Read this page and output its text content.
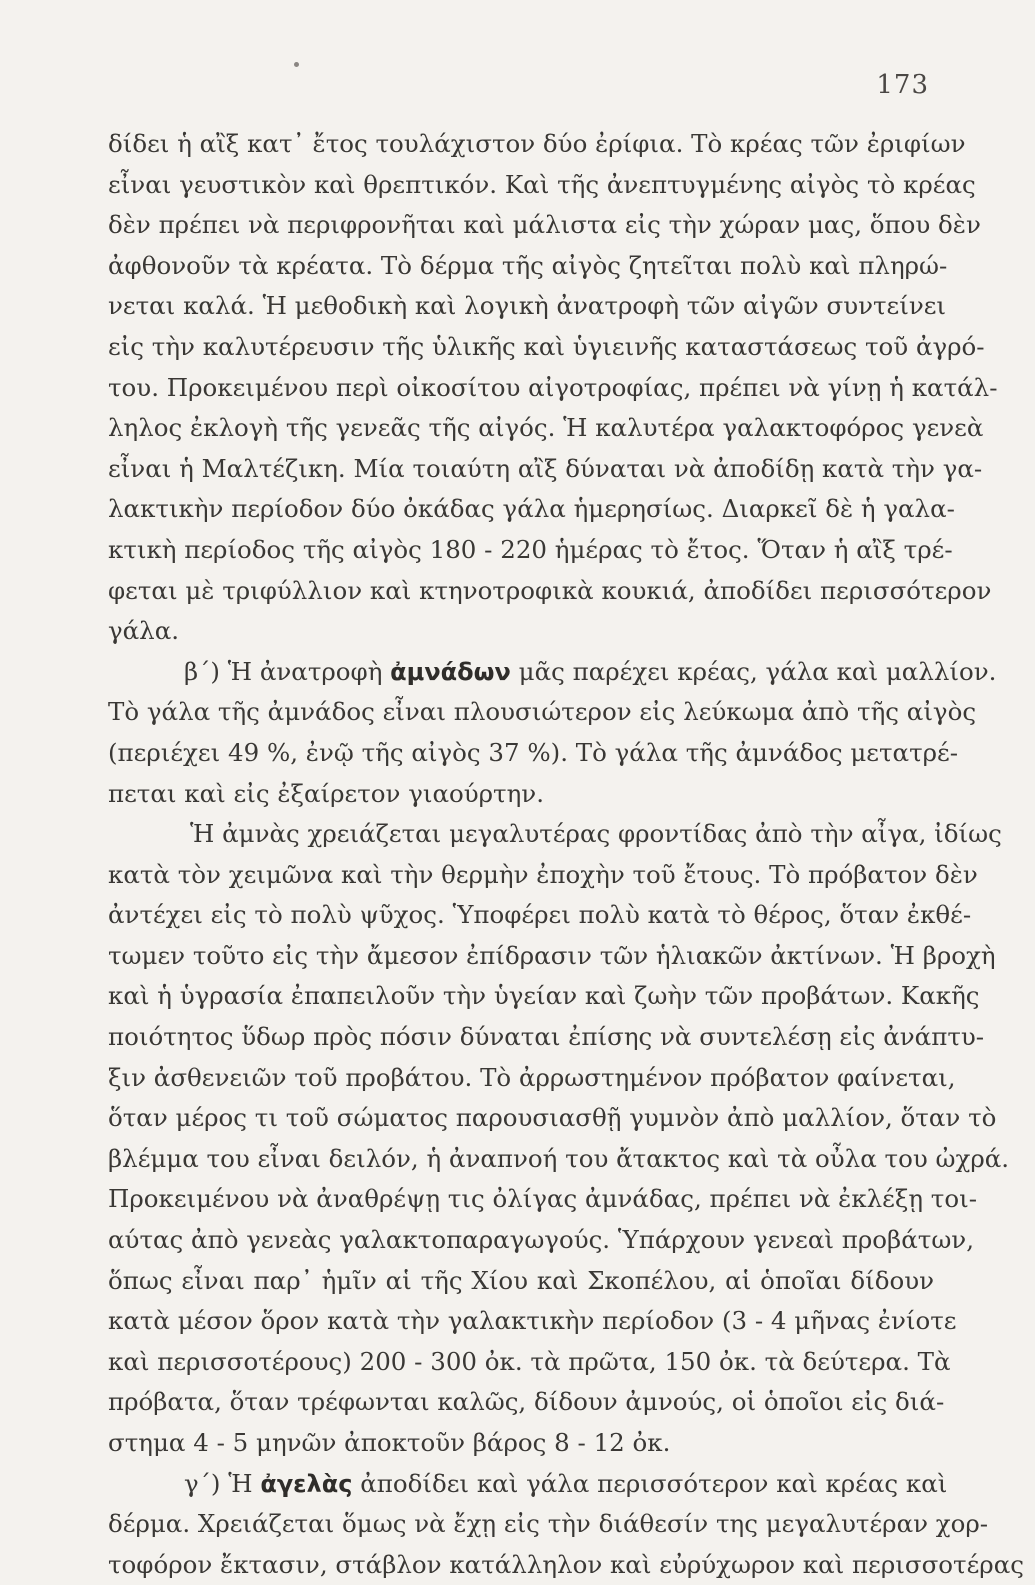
173
δίδει ἡ αἲξ κατ᾿ ἔτος τουλάχιστον δύο ἐρίφια. Τὸ κρέας τῶν ἐριφίων
εἶναι γευστικὸν καὶ θρεπτικόν. Καὶ τῆς ἀνεπτυγμένης αἰγὸς τὸ κρέας
δὲν πρέπει νὰ περιφρονῆται καὶ μάλιστα εἰς τὴν χώραν μας, ὅπου δὲν
ἀφθονοῦν τὰ κρέατα. Τὸ δέρμα τῆς αἰγὸς ζητεῖται πολὺ καὶ πληρώ-
νεται καλά. Ἡ μεθοδικὴ καὶ λογικὴ ἀνατροφὴ τῶν αἰγῶν συντείνει
εἰς τὴν καλυτέρευσιν τῆς ὑλικῆς καὶ ὑγιεινῆς καταστάσεως τοῦ ἀγρό-
του. Προκειμένου περὶ οἰκοσίτου αἰγοτροφίας, πρέπει νὰ γίνῃ ἡ κατάλ-
ληλος ἐκλογὴ τῆς γενεᾶς τῆς αἰγός. Ἡ καλυτέρα γαλακτοφόρος γενεὰ
εἶναι ἡ Μαλτέζικη. Μία τοιαύτη αἲξ δύναται νὰ ἀποδίδῃ κατὰ τὴν γα-
λακτικὴν περίοδον δύο ὀκάδας γάλα ἡμερησίως. Διαρκεῖ δὲ ἡ γαλα-
κτικὴ περίοδος τῆς αἰγὸς 180 - 220 ἡμέρας τὸ ἔτος. Ὅταν ἡ αἲξ τρέ-
φεται μὲ τριφύλλιον καὶ κτηνοτροφικὰ κουκιά, ἀποδίδει περισσότερον
γάλα.
β΄) Ἡ ἀνατροφὴ ἀμνάδων μᾶς παρέχει κρέας, γάλα καὶ μαλλίον.
Τὸ γάλα τῆς ἀμνάδος εἶναι πλουσιώτερον εἰς λεύκωμα ἀπὸ τῆς αἰγὸς
(περιέχει 49 %, ἐνῷ τῆς αἰγὸς 37 %). Τὸ γάλα τῆς ἀμνάδος μετατρέ-
πεται καὶ εἰς ἐξαίρετον γιαούρτην.
Ἡ ἀμνὰς χρειάζεται μεγαλυτέρας φροντίδας ἀπὸ τὴν αἶγα, ἰδίως
κατὰ τὸν χειμῶνα καὶ τὴν θερμὴν ἐποχὴν τοῦ ἔτους. Τὸ πρόβατον δὲν
ἀντέχει εἰς τὸ πολὺ ψῦχος. Ὑποφέρει πολὺ κατὰ τὸ θέρος, ὅταν ἐκθέ-
τωμεν τοῦτο εἰς τὴν ἄμεσον ἐπίδρασιν τῶν ἡλιακῶν ἀκτίνων. Ἡ βροχὴ
καὶ ἡ ὑγρασία ἐπαπειλοῦν τὴν ὑγείαν καὶ ζωὴν τῶν προβάτων. Κακῆς
ποιότητος ὕδωρ πρὸς πόσιν δύναται ἐπίσης νὰ συντελέσῃ εἰς ἀνάπτυ-
ξιν ἀσθενειῶν τοῦ προβάτου. Τὸ ἀρρωστημένον πρόβατον φαίνεται,
ὅταν μέρος τι τοῦ σώματος παρουσιασθῇ γυμνὸν ἀπὸ μαλλίον, ὅταν τὸ
βλέμμα του εἶναι δειλόν, ἡ ἀναπνοή του ἄτακτος καὶ τὰ οὖλα του ὠχρά.
Προκειμένου νὰ ἀναθρέψῃ τις ὀλίγας ἀμνάδας, πρέπει νὰ ἐκλέξῃ τοι-
αύτας ἀπὸ γενεὰς γαλακτοπαραγωγούς. Ὑπάρχουν γενεαὶ προβάτων,
ὅπως εἶναι παρ᾿ ἡμῖν αἱ τῆς Χίου καὶ Σκοπέλου, αἱ ὁποῖαι δίδουν
κατὰ μέσον ὅρον κατὰ τὴν γαλακτικὴν περίοδον (3 - 4 μῆνας ἐνίοτε
καὶ περισσοτέρους) 200 - 300 ὀκ. τὰ πρῶτα, 150 ὀκ. τὰ δεύτερα. Τὰ
πρόβατα, ὅταν τρέφωνται καλῶς, δίδουν ἀμνούς, οἱ ὁποῖοι εἰς διά-
στημα 4 - 5 μηνῶν ἀποκτοῦν βάρος 8 - 12 ὀκ.
γ΄) Ἡ ἀγελὰς ἀποδίδει καὶ γάλα περισσότερον καὶ κρέας καὶ
δέρμα. Χρειάζεται ὅμως νὰ ἔχῃ εἰς τὴν διάθεσίν της μεγαλυτέραν χορ-
τοφόρον ἔκτασιν, στάβλον κατάλληλον καὶ εὐρύχωρον καὶ περισσοτέρας
